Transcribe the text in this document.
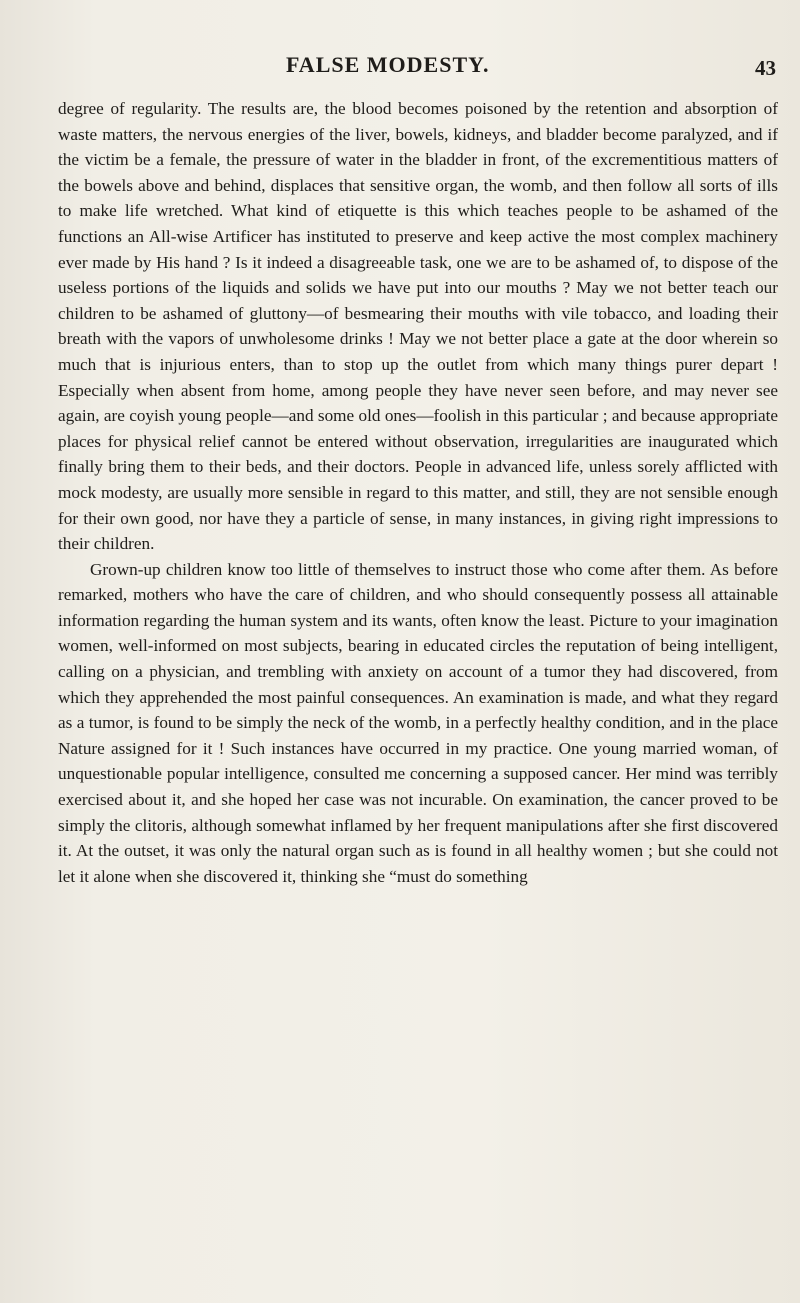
FALSE MODESTY.	43

degree of regularity. The results are, the blood becomes poisoned by the retention and absorption of waste matters, the nervous energies of the liver, bowels, kidneys, and bladder become paralyzed, and if the victim be a female, the pressure of water in the bladder in front, of the excrementitious matters of the bowels above and behind, displaces that sensitive organ, the womb, and then follow all sorts of ills to make life wretched. What kind of etiquette is this which teaches people to be ashamed of the functions an All-wise Artificer has instituted to preserve and keep active the most complex machinery ever made by His hand ? Is it indeed a disagreeable task, one we are to be ashamed of, to dispose of the useless portions of the liquids and solids we have put into our mouths ? May we not better teach our children to be ashamed of gluttony—of besmearing their mouths with vile tobacco, and loading their breath with the vapors of unwholesome drinks ! May we not better place a gate at the door wherein so much that is injurious enters, than to stop up the outlet from which many things purer depart ! Especially when absent from home, among people they have never seen before, and may never see again, are coyish young people—and some old ones—foolish in this particular ; and because appropriate places for physical relief cannot be entered without observation, irregularities are inaugurated which finally bring them to their beds, and their doctors. People in advanced life, unless sorely afflicted with mock modesty, are usually more sensible in regard to this matter, and still, they are not sensible enough for their own good, nor have they a particle of sense, in many instances, in giving right impressions to their children.

Grown-up children know too little of themselves to instruct those who come after them. As before remarked, mothers who have the care of children, and who should consequently possess all attainable information regarding the human system and its wants, often know the least. Picture to your imagination women, well-informed on most subjects, bearing in educated circles the reputation of being intelligent, calling on a physician, and trembling with anxiety on account of a tumor they had discovered, from which they apprehended the most painful consequences. An examination is made, and what they regard as a tumor, is found to be simply the neck of the womb, in a perfectly healthy condition, and in the place Nature assigned for it ! Such instances have occurred in my practice. One young married woman, of unquestionable popular intelligence, consulted me concerning a supposed cancer. Her mind was terribly exercised about it, and she hoped her case was not incurable. On examination, the cancer proved to be simply the clitoris, although somewhat inflamed by her frequent manipulations after she first discovered it. At the outset, it was only the natural organ such as is found in all healthy women ; but she could not let it alone when she discovered it, thinking she “must do something
